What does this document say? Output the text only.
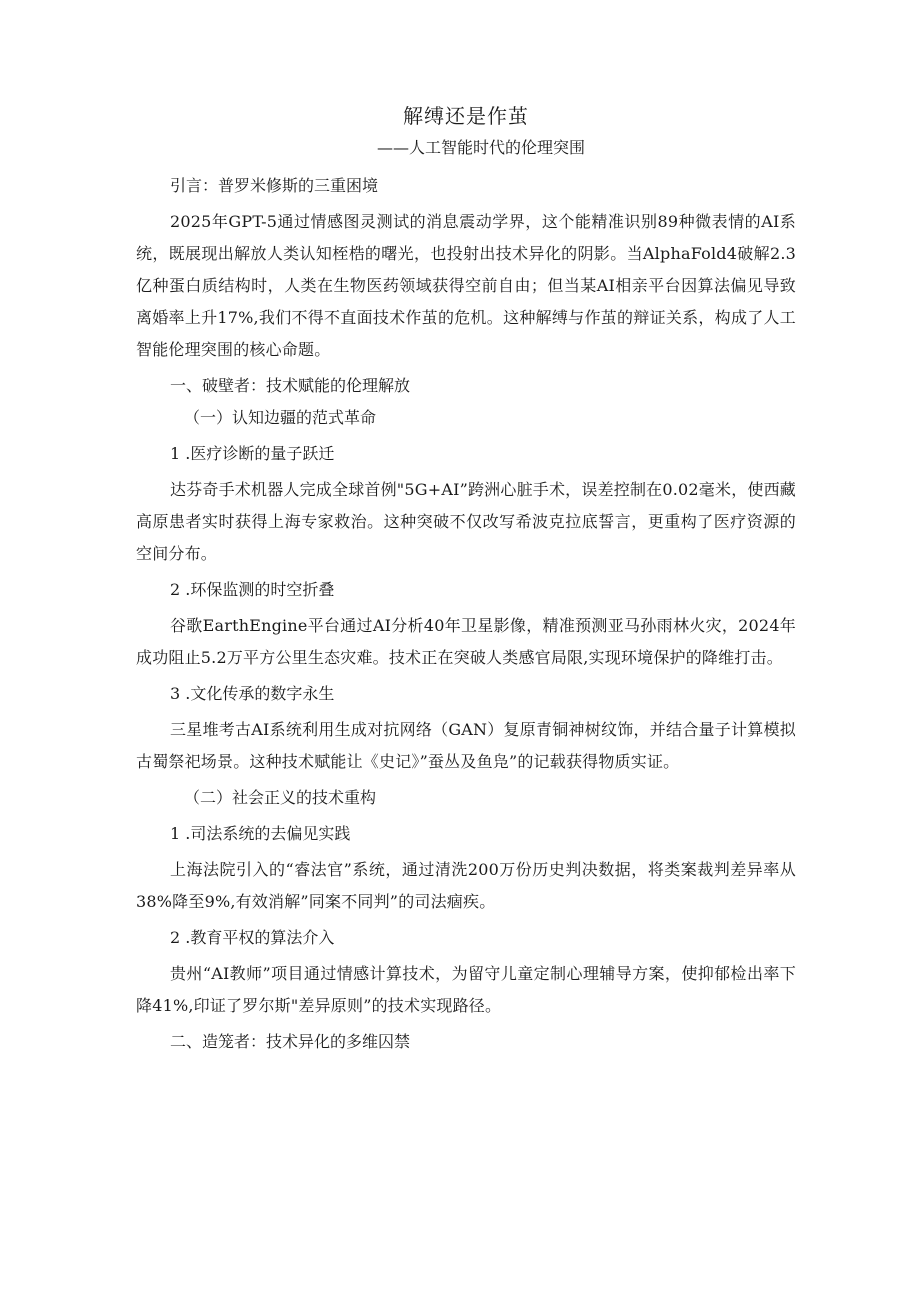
解缚还是作茧
——人工智能时代的伦理突围

引言：普罗米修斯的三重困境

2025年GPT-5通过情感图灵测试的消息震动学界，这个能精准识别89种微表情的AI系统，既展现出解放人类认知桎梏的曙光，也投射出技术异化的阴影。当AlphaFold4破解2.3亿种蛋白质结构时，人类在生物医药领域获得空前自由；但当某AI相亲平台因算法偏见导致离婚率上升17%,我们不得不直面技术作茧的危机。这种解缚与作茧的辩证关系，构成了人工智能伦理突围的核心命题。

一、破壁者：技术赋能的伦理解放

（一）认知边疆的范式革命

1 .医疗诊断的量子跃迁

达芬奇手术机器人完成全球首例"5G+AI”跨洲心脏手术，误差控制在0.02毫米，使西藏高原患者实时获得上海专家救治。这种突破不仅改写希波克拉底誓言，更重构了医疗资源的空间分布。

2 .环保监测的时空折叠

谷歌EarthEngine平台通过AI分析40年卫星影像，精准预测亚马孙雨林火灾，2024年成功阻止5.2万平方公里生态灾难。技术正在突破人类感官局限,实现环境保护的降维打击。

3 .文化传承的数字永生

三星堆考古AI系统利用生成对抗网络（GAN）复原青铜神树纹饰，并结合量子计算模拟古蜀祭祀场景。这种技术赋能让《史记》”蚕丛及鱼凫”的记载获得物质实证。

（二）社会正义的技术重构

1 .司法系统的去偏见实践

上海法院引入的“睿法官”系统，通过清洗200万份历史判决数据，将类案裁判差异率从38%降至9%,有效消解”同案不同判”的司法痼疾。

2 .教育平权的算法介入

贵州“AI教师”项目通过情感计算技术，为留守儿童定制心理辅导方案，使抑郁检出率下降41%,印证了罗尔斯"差异原则”的技术实现路径。

二、造笼者：技术异化的多维囚禁
